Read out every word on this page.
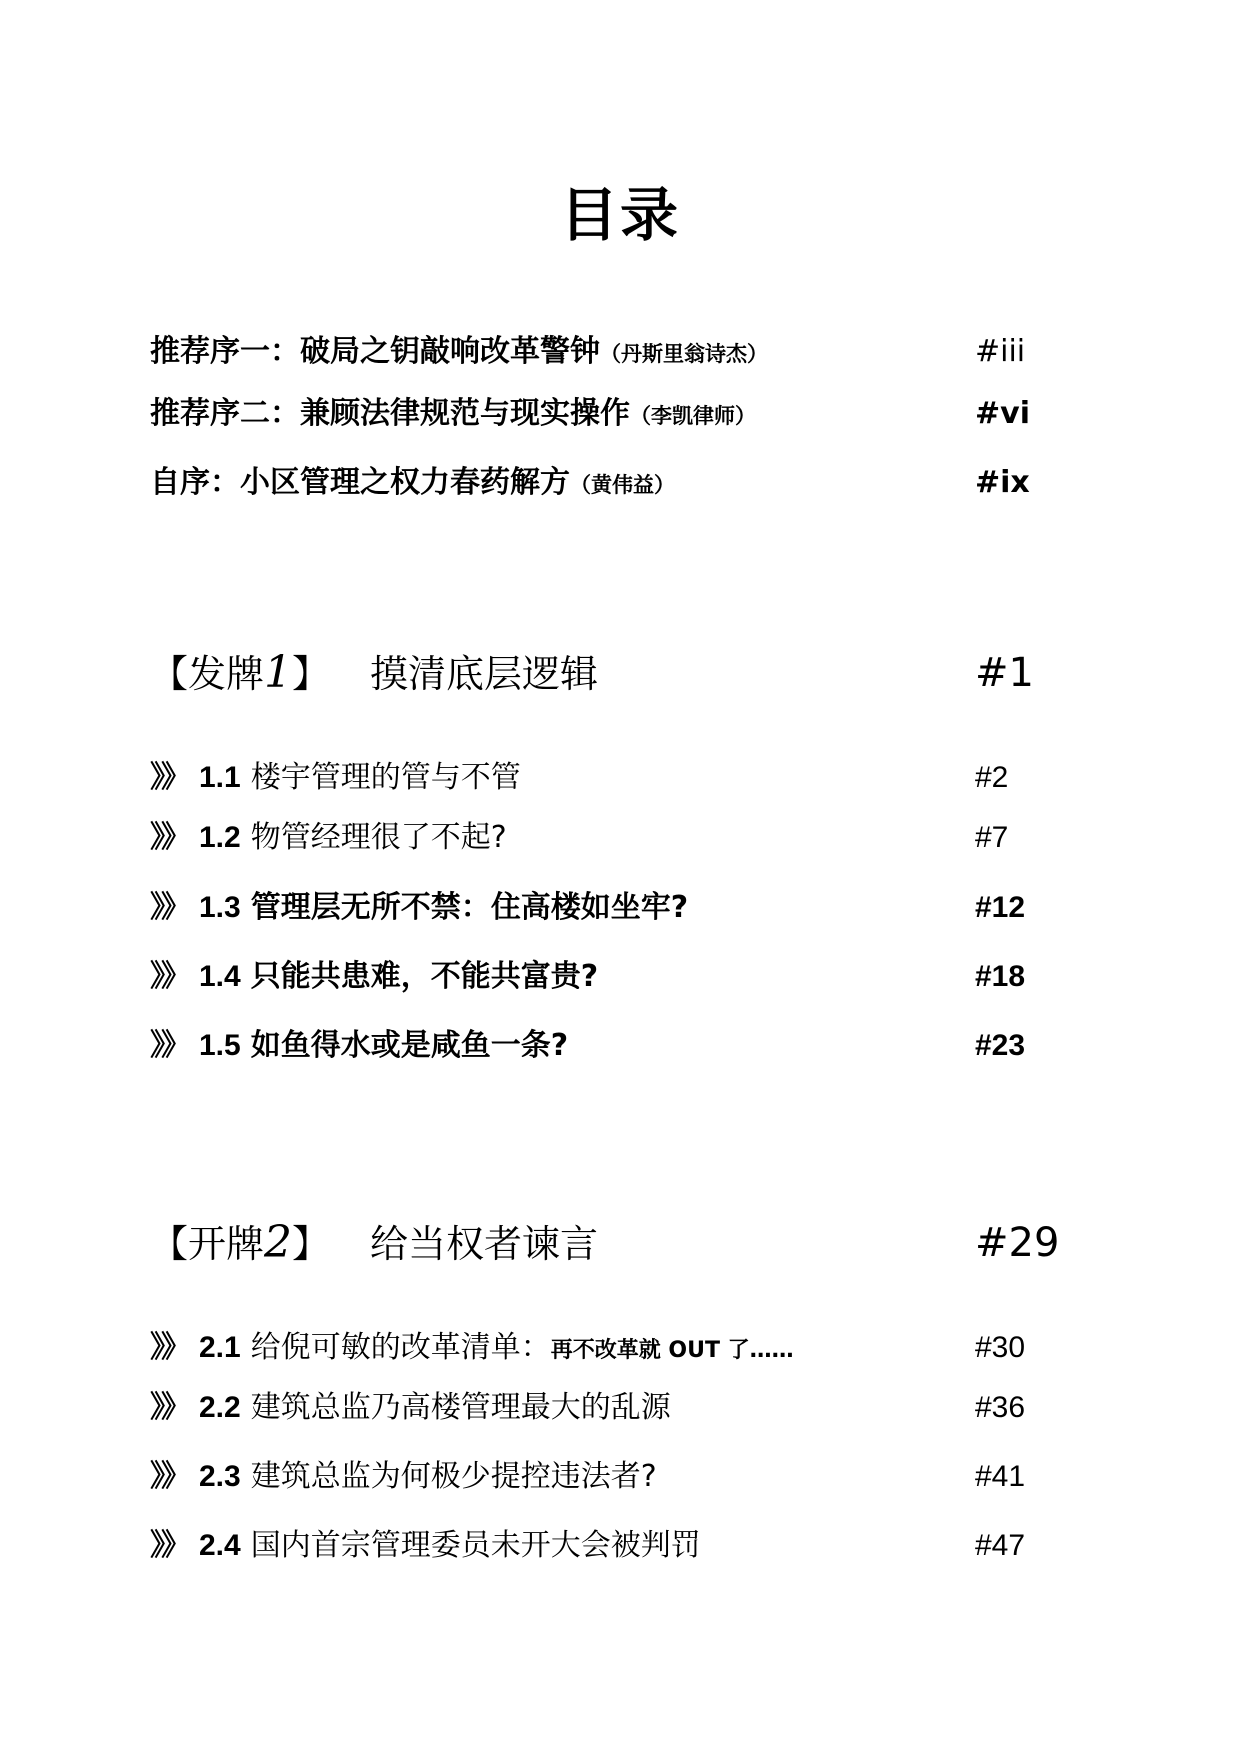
目录
推荐序一：破局之钥敲响改革警钟（丹斯里翁诗杰）	#iii
推荐序二：兼顾法律规范与现实操作（李凯律师）	#vi
自序：小区管理之权力春药解方（黄伟益）	#ix
【发牌1】 摸清底层逻辑	#1
》》 1.1 楼宇管理的管与不管	#2
》》 1.2 物管经理很了不起?	#7
》》 1.3 管理层无所不禁：住高楼如坐牢?	#12
》》 1.4 只能共患难，不能共富贵?	#18
》》 1.5 如鱼得水或是咸鱼一条?	#23
【开牌2】 给当权者谏言	#29
》》 2.1 给倪可敏的改革清单：再不改革就 OUT 了……	#30
》》 2.2 建筑总监乃高楼管理最大的乱源	#36
》》 2.3 建筑总监为何极少提控违法者?	#41
》》 2.4 国内首宗管理委员未开大会被判罚	#47
